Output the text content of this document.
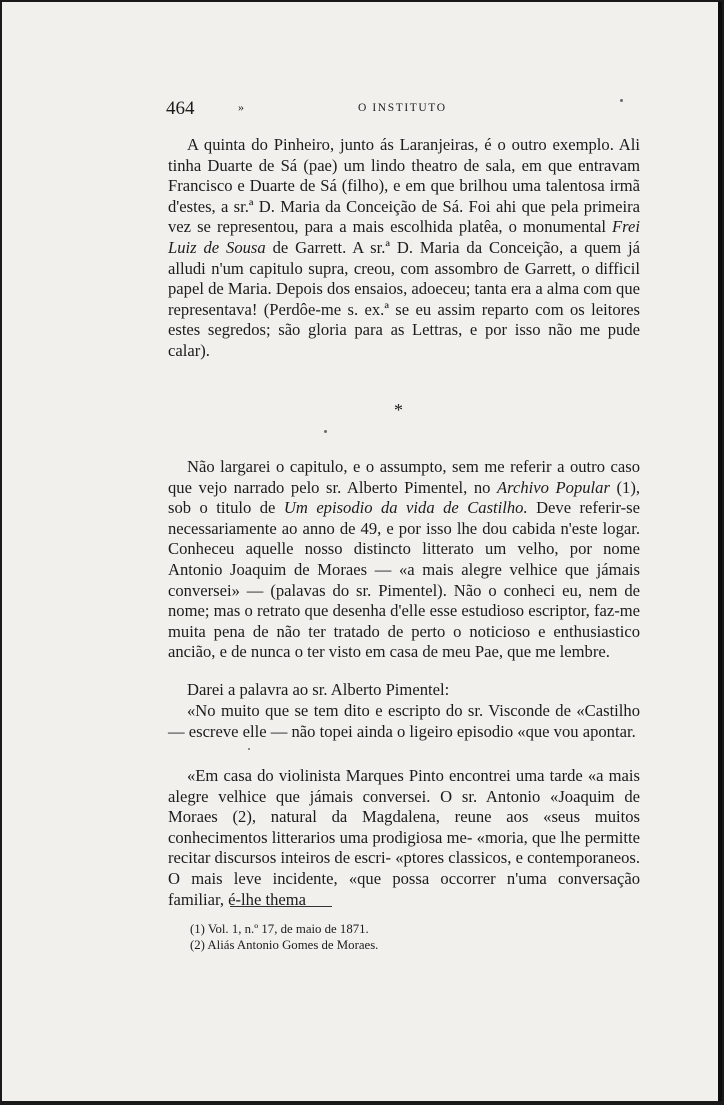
464	»	O INSTITUTO

A quinta do Pinheiro, junto ás Laranjeiras, é o outro exemplo. Ali tinha Duarte de Sá (pae) um lindo theatro de sala, em que entravam Francisco e Duarte de Sá (filho), e em que brilhou uma talentosa irmã d'estes, a sr.ª D. Maria da Conceição de Sá. Foi ahi que pela primeira vez se representou, para a mais escolhida platêa, o monumental Frei Luiz de Sousa de Garrett. A sr.ª D. Maria da Conceição, a quem já alludi n'um capitulo supra, creou, com assombro de Garrett, o difficil papel de Maria. Depois dos ensaios, adoeceu; tanta era a alma com que representava! (Perdôe-me s. ex.ª se eu assim reparto com os leitores estes segredos; são gloria para as Lettras, e por isso não me pude calar).

*

Não largarei o capitulo, e o assumpto, sem me referir a outro caso que vejo narrado pelo sr. Alberto Pimentel, no Archivo Popular (1), sob o titulo de Um episodio da vida de Castilho. Deve referir-se necessariamente ao anno de 49, e por isso lhe dou cabida n'este logar. Conheceu aquelle nosso distincto litterato um velho, por nome Antonio Joaquim de Moraes — «a mais alegre velhice que jámais conversei» — (palavas do sr. Pimentel). Não o conheci eu, nem de nome; mas o retrato que desenha d'elle esse estudioso escriptor, faz-me muita pena de não ter tratado de perto o noticioso e enthusiastico ancião, e de nunca o ter visto em casa de meu Pae, que me lembre.

Darei a palavra ao sr. Alberto Pimentel:

«No muito que se tem dito e escripto do sr. Visconde de «Castilho — escreve elle — não topei ainda o ligeiro episodio «que vou apontar.

«Em casa do violinista Marques Pinto encontrei uma tarde «a mais alegre velhice que jámais conversei. O sr. Antonio «Joaquim de Moraes (2), natural da Magdalena, reune aos «seus muitos conhecimentos litterarios uma prodigiosa me- «moria, que lhe permitte recitar discursos inteiros de escri- «ptores classicos, e contemporaneos. O mais leve incidente, «que possa occorrer n'uma conversação familiar, é-lhe thema

(1) Vol. 1, n.º 17, de maio de 1871.
(2) Aliás Antonio Gomes de Moraes.
